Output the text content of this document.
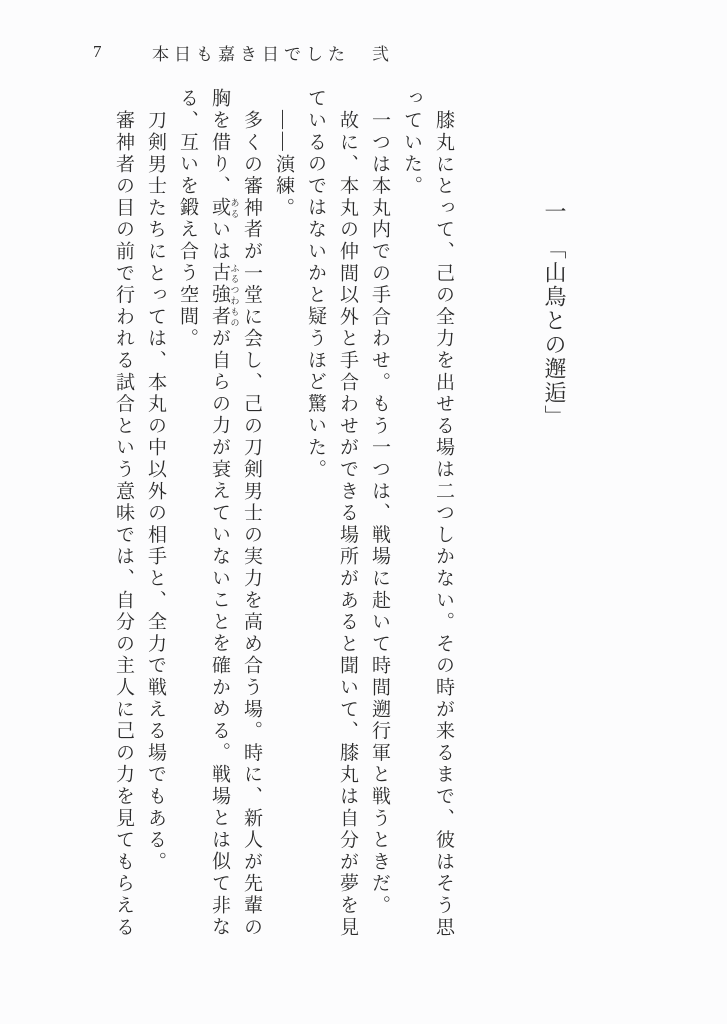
7	本日も嘉き日でした　弐
一　「山鳥との邂逅」

膝丸にとって、己の全力を出せる場は二つしかない。その時が来るまで、彼はそう思っていた。

一つは本丸内での手合わせ。もう一つは、戦場に赴いて時間遡行軍と戦うときだ。

故に、本丸の仲間以外と手合わせができる場所があると聞いて、膝丸は自分が夢を見ているのではないかと疑うほど驚いた。

――演練。

多くの審神者が一堂に会し、己の刀剣男士の実力を高め合う場。時に、新人が先輩の胸を借り、或 あるいは古強者 ふるつわものが自らの力が衰えていないことを確かめる。戦場とは似て非なる、互いを鍛え合う空間。

刀剣男士たちにとっては、本丸の中以外の相手と、全力で戦える場でもある。

審神者の目の前で行われる試合という意味では、自分の主人に己の力を見てもらえる
